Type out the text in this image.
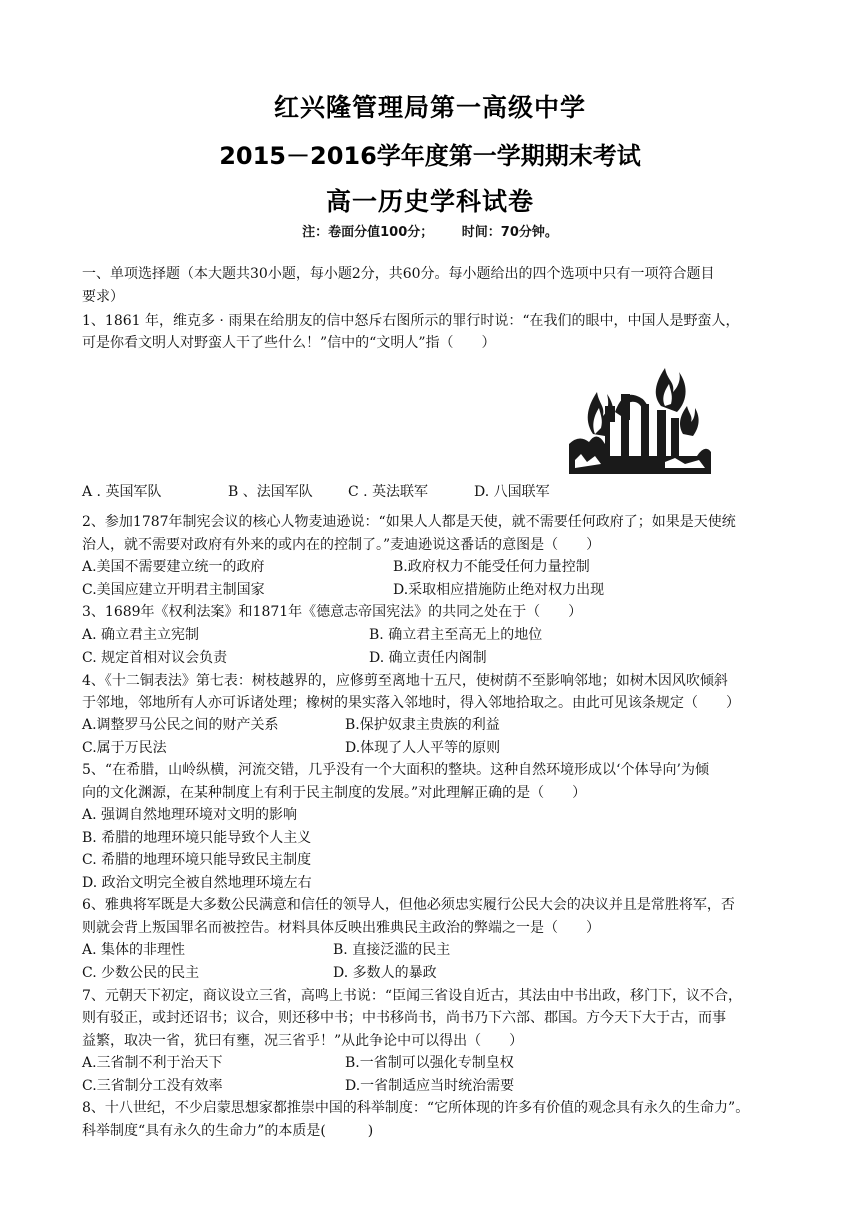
红兴隆管理局第一高级中学
2015－2016学年度第一学期期末考试
高一历史学科试卷
注：卷面分值100分； 时间：70分钟。
一、单项选择题（本大题共30小题，每小题2分，共60分。每小题给出的四个选项中只有一项符合题目
要求）
1、1861 年，维克多 · 雨果在给朋友的信中怒斥右图所示的罪行时说：“在我们的眼中，中国人是野蛮人，
可是你看文明人对野蛮人干了些什么！”信中的“文明人”指（　　）
A . 英国军队	B 、法国军队	C . 英法联军	D. 八国联军
2、参加1787年制宪会议的核心人物麦迪逊说：“如果人人都是天使，就不需要任何政府了；如果是天使统
治人，就不需要对政府有外来的或内在的控制了。”麦迪逊说这番话的意图是（　　）
A.美国不需要建立统一的政府	B.政府权力不能受任何力量控制
C.美国应建立开明君主制国家	D.采取相应措施防止绝对权力出现
3、1689年《权利法案》和1871年《德意志帝国宪法》的共同之处在于（　　）
A. 确立君主立宪制	B. 确立君主至高无上的地位
C. 规定首相对议会负责	D. 确立责任内阁制
4、《十二铜表法》第七表：树枝越界的，应修剪至离地十五尺，使树荫不至影响邻地；如树木因风吹倾斜
于邻地，邻地所有人亦可诉诸处理；橡树的果实落入邻地时，得入邻地拾取之。由此可见该条规定（　　）
A.调整罗马公民之间的财产关系	B.保护奴隶主贵族的利益
C.属于万民法	D.体现了人人平等的原则
5、“在希腊，山岭纵横，河流交错，几乎没有一个大面积的整块。这种自然环境形成以‘个体导向’为倾
向的文化渊源，在某种制度上有利于民主制度的发展。”对此理解正确的是（　　）
A. 强调自然地理环境对文明的影响
B. 希腊的地理环境只能导致个人主义
C. 希腊的地理环境只能导致民主制度
D. 政治文明完全被自然地理环境左右
6、雅典将军既是大多数公民满意和信任的领导人，但他必须忠实履行公民大会的决议并且是常胜将军，否
则就会背上叛国罪名而被控告。材料具体反映出雅典民主政治的弊端之一是（　　）
A. 集体的非理性	B. 直接泛滥的民主
C. 少数公民的民主	D. 多数人的暴政
7、元朝天下初定，商议设立三省，高鸣上书说：“臣闻三省设自近古，其法由中书出政，移门下，议不合，
则有驳正，或封还诏书；议合，则还移中书；中书移尚书，尚书乃下六部、郡国。方今天下大于古，而事
益繁，取决一省，犹曰有壅，况三省乎！”从此争论中可以得出（　　）
A.三省制不利于治天下	B.一省制可以强化专制皇权
C.三省制分工没有效率	D.一省制适应当时统治需要
8、十八世纪，不少启蒙思想家都推崇中国的科举制度：“它所体现的许多有价值的观念具有永久的生命力”。
科举制度“具有永久的生命力”的本质是(　　　)
